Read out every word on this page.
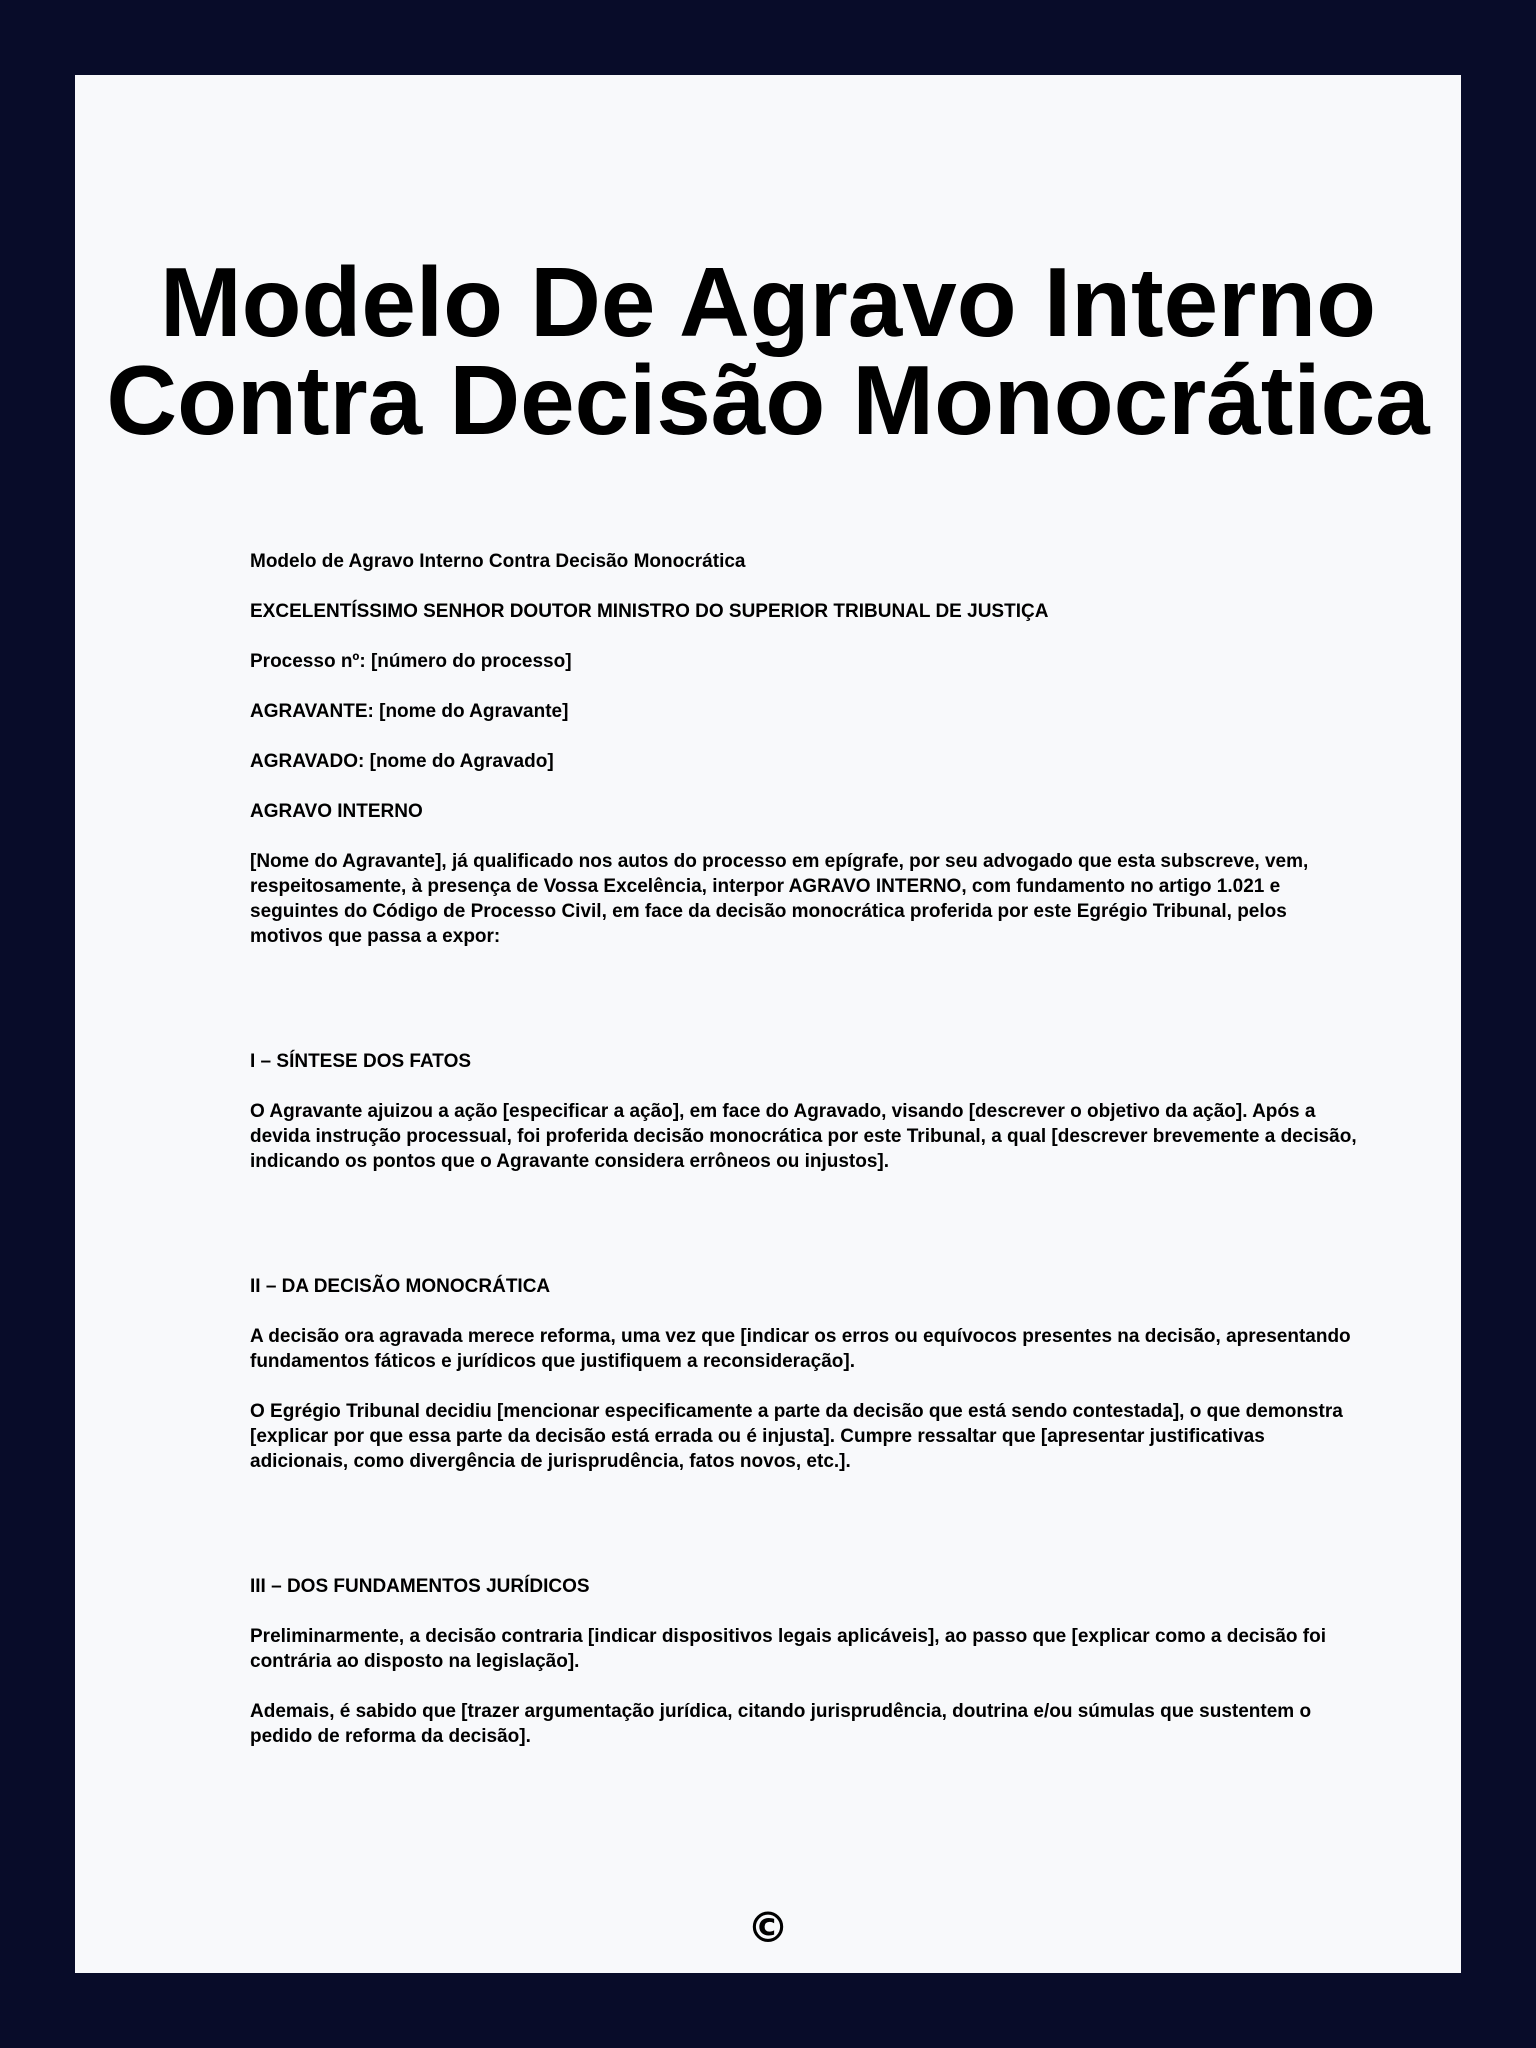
Modelo De Agravo Interno
Contra Decisão Monocrática

Modelo de Agravo Interno Contra Decisão Monocrática

EXCELENTÍSSIMO SENHOR DOUTOR MINISTRO DO SUPERIOR TRIBUNAL DE JUSTIÇA

Processo nº: [número do processo]

AGRAVANTE: [nome do Agravante]

AGRAVADO: [nome do Agravado]

AGRAVO INTERNO

[Nome do Agravante], já qualificado nos autos do processo em epígrafe, por seu advogado que esta subscreve, vem, respeitosamente, à presença de Vossa Excelência, interpor AGRAVO INTERNO, com fundamento no artigo 1.021 e seguintes do Código de Processo Civil, em face da decisão monocrática proferida por este Egrégio Tribunal, pelos motivos que passa a expor:

I – SÍNTESE DOS FATOS

O Agravante ajuizou a ação [especificar a ação], em face do Agravado, visando [descrever o objetivo da ação]. Após a devida instrução processual, foi proferida decisão monocrática por este Tribunal, a qual [descrever brevemente a decisão, indicando os pontos que o Agravante considera errôneos ou injustos].

II – DA DECISÃO MONOCRÁTICA

A decisão ora agravada merece reforma, uma vez que [indicar os erros ou equívocos presentes na decisão, apresentando fundamentos fáticos e jurídicos que justifiquem a reconsideração].

O Egrégio Tribunal decidiu [mencionar especificamente a parte da decisão que está sendo contestada], o que demonstra [explicar por que essa parte da decisão está errada ou é injusta]. Cumpre ressaltar que [apresentar justificativas adicionais, como divergência de jurisprudência, fatos novos, etc.].

III – DOS FUNDAMENTOS JURÍDICOS

Preliminarmente, a decisão contraria [indicar dispositivos legais aplicáveis], ao passo que [explicar como a decisão foi contrária ao disposto na legislação].

Ademais, é sabido que [trazer argumentação jurídica, citando jurisprudência, doutrina e/ou súmulas que sustentem o pedido de reforma da decisão].

©
